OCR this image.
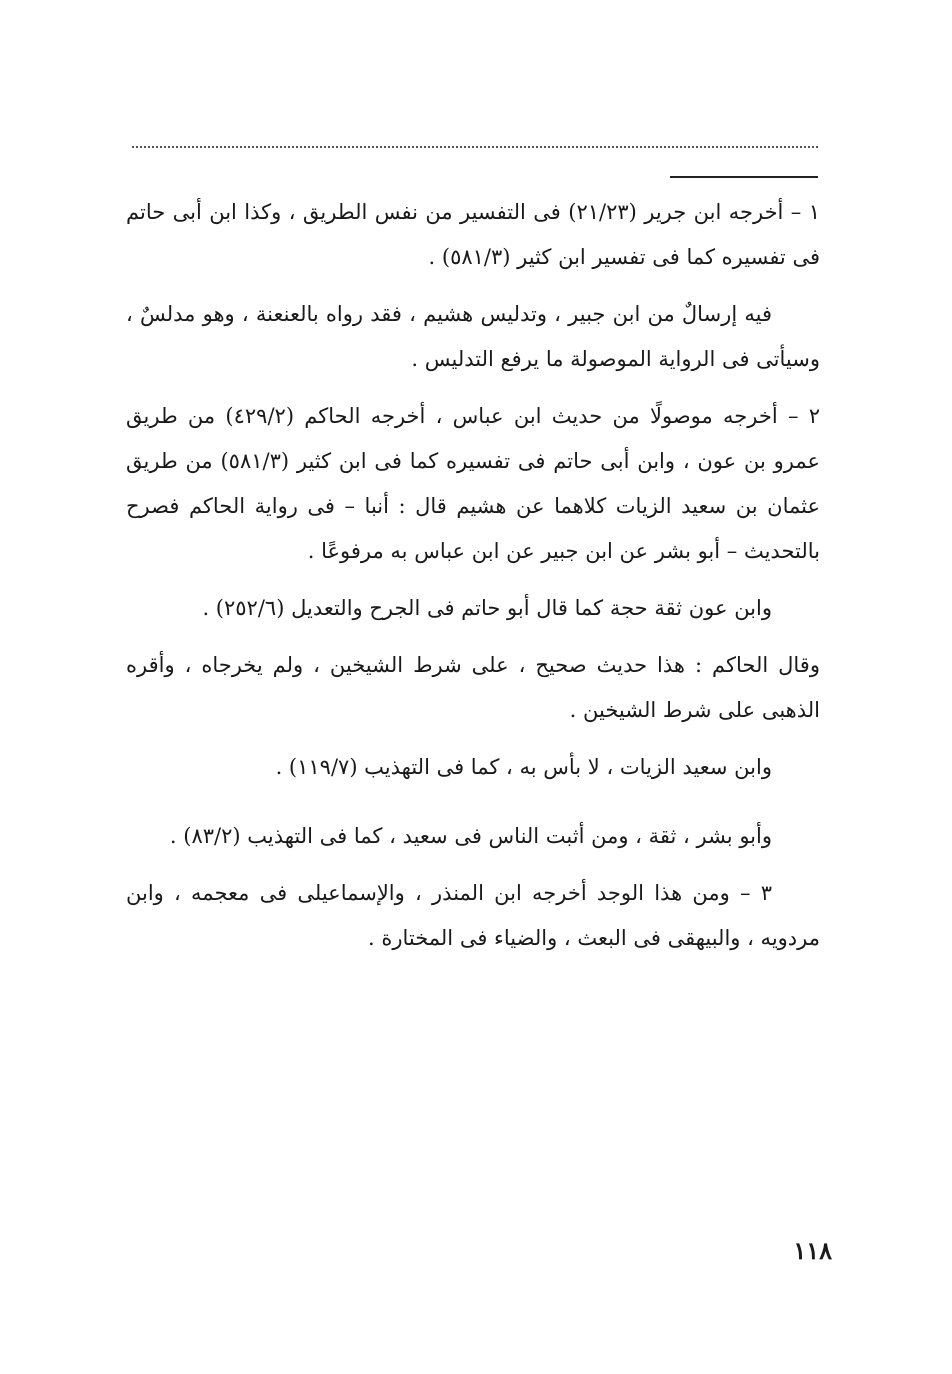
١ – أخرجه ابن جرير (٢١/٢٣) فى التفسير من نفس الطريق ، وكذا ابن أبى حاتم فى تفسيره كما فى تفسير ابن كثير (٥٨١/٣) .

فيه إرسالٌ من ابن جبير ، وتدليس هشيم ، فقد رواه بالعنعنة ، وهو مدلسٌ ، وسيأتى فى الرواية الموصولة ما يرفع التدليس .

٢ – أخرجه موصولًا من حديث ابن عباس ، أخرجه الحاكم (٤٢٩/٢) من طريق عمرو بن عون ، وابن أبى حاتم فى تفسيره كما فى ابن كثير (٥٨١/٣) من طريق عثمان بن سعيد الزيات كلاهما عن هشيم قال : أنبا – فى رواية الحاكم فصرح بالتحديث – أبو بشر عن ابن جبير عن ابن عباس به مرفوعًا .

وابن عون ثقة حجة كما قال أبو حاتم فى الجرح والتعديل (٢٥٢/٦) .

وقال الحاكم : هذا حديث صحيح ، على شرط الشيخين ، ولم يخرجاه ، وأقره الذهبى على شرط الشيخين .

وابن سعيد الزيات ، لا بأس به ، كما فى التهذيب (١١٩/٧) .

وأبو بشر ، ثقة ، ومن أثبت الناس فى سعيد ، كما فى التهذيب (٨٣/٢) .

٣ – ومن هذا الوجد أخرجه ابن المنذر ، والإسماعيلى فى معجمه ، وابن مردويه ، والبيهقى فى البعث ، والضياء فى المختارة .

١١٨
